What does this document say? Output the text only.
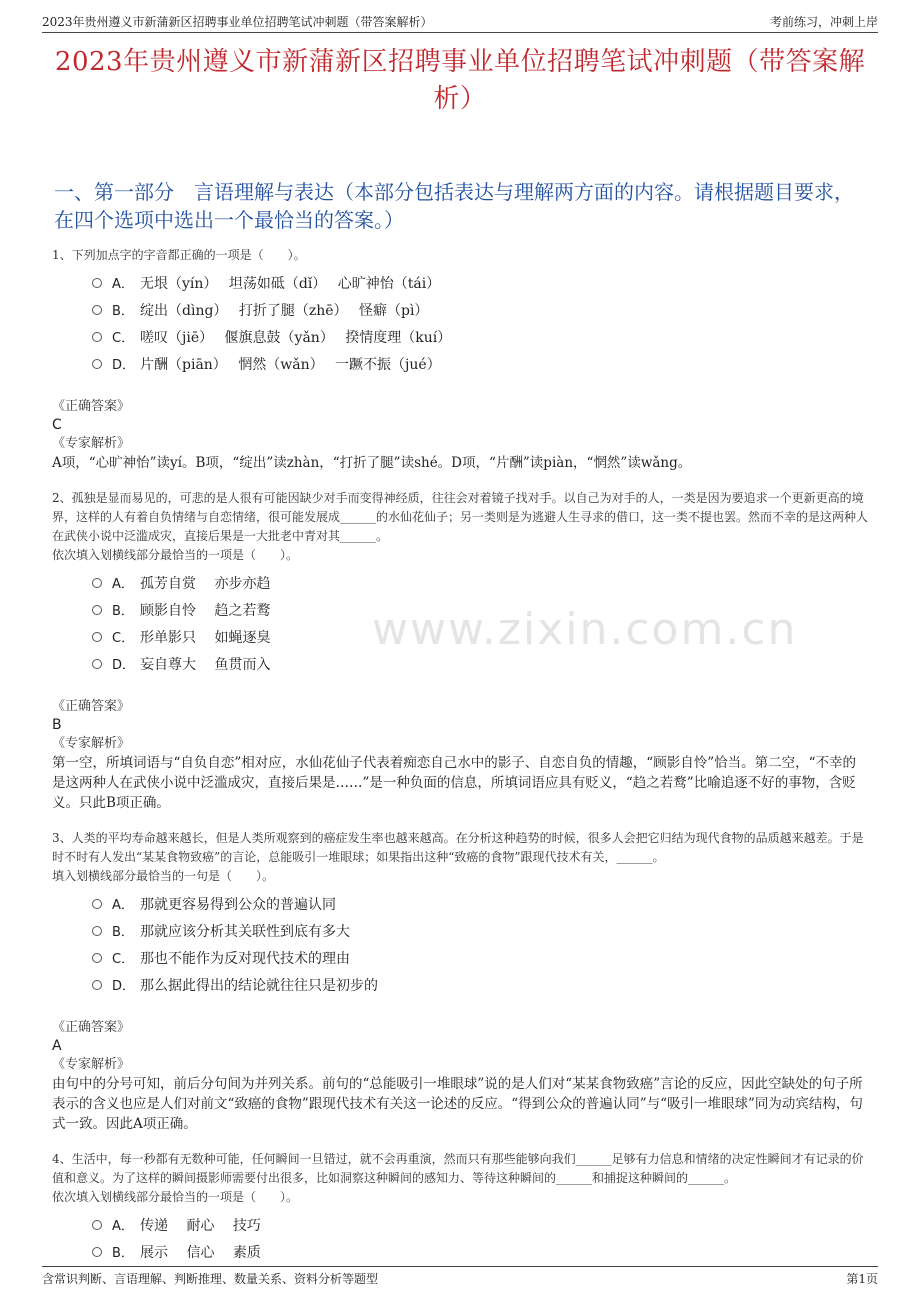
2023年贵州遵义市新蒲新区招聘事业单位招聘笔试冲刺题（带答案解析）	考前练习，冲刺上岸
2023年贵州遵义市新蒲新区招聘事业单位招聘笔试冲刺题（带答案解析）
一、第一部分　言语理解与表达（本部分包括表达与理解两方面的内容。请根据题目要求，在四个选项中选出一个最恰当的答案。）
www.zixin.com.cn
1、下列加点字的字音都正确的一项是（　　）。
A． 无垠（yín）　 坦荡如砥（dǐ）　 心旷神怡（tái）
B． 绽出（dìng）　 打折了腿（zhē）　 怪癖（pì）
C． 嗟叹（jiē）　 偃旗息鼓（yǎn）　 揆情度理（kuí）
D． 片酬（piān）　 惘然（wǎn）　 一蹶不振（jué）
《正确答案》
C
《专家解析》
A项，“心旷神怡”读yí。B项，“绽出”读zhàn，“打折了腿”读shé。D项，“片酬”读piàn，“惘然”读wǎng。
2、孤独是显而易见的，可悲的是人很有可能因缺少对手而变得神经质，往往会对着镜子找对手。以自己为对手的人，一类是因为要追求一个更新更高的境界，这样的人有着自负情绪与自恋情绪，很可能发展成______的水仙花仙子；另一类则是为逃避人生寻求的借口，这一类不提也罢。然而不幸的是这两种人在武侠小说中泛滥成灾，直接后果是一大批老中青对其______。
依次填入划横线部分最恰当的一项是（　　）。
A． 孤芳自赏　 亦步亦趋
B． 顾影自怜　 趋之若鹜
C． 形单影只　 如蝇逐臭
D． 妄自尊大　 鱼贯而入
《正确答案》
B
《专家解析》
第一空，所填词语与“自负自恋”相对应，水仙花仙子代表着痴恋自己水中的影子、自恋自负的情趣，“顾影自怜”恰当。第二空，“不幸的是这两种人在武侠小说中泛滥成灾，直接后果是……”是一种负面的信息，所填词语应具有贬义，“趋之若鹜”比喻追逐不好的事物，含贬义。只此B项正确。
3、人类的平均寿命越来越长，但是人类所观察到的癌症发生率也越来越高。在分析这种趋势的时候，很多人会把它归结为现代食物的品质越来越差。于是时不时有人发出“某某食物致癌”的言论，总能吸引一堆眼球；如果指出这种“致癌的食物”跟现代技术有关，______。
填入划横线部分最恰当的一句是（　　）。
A． 那就更容易得到公众的普遍认同
B． 那就应该分析其关联性到底有多大
C． 那也不能作为反对现代技术的理由
D． 那么据此得出的结论就往往只是初步的
《正确答案》
A
《专家解析》
由句中的分号可知，前后分句间为并列关系。前句的“总能吸引一堆眼球”说的是人们对“某某食物致癌”言论的反应，因此空缺处的句子所表示的含义也应是人们对前文“致癌的食物”跟现代技术有关这一论述的反应。“得到公众的普遍认同”与“吸引一堆眼球”同为动宾结构，句式一致。因此A项正确。
4、生活中，每一秒都有无数种可能，任何瞬间一旦错过，就不会再重演，然而只有那些能够向我们______足够有力信息和情绪的决定性瞬间才有记录的价值和意义。为了这样的瞬间摄影师需要付出很多，比如洞察这种瞬间的感知力、等待这种瞬间的______和捕捉这种瞬间的______。
依次填入划横线部分最恰当的一项是（　　）。
A． 传递　 耐心　 技巧
B． 展示　 信心　 素质
含常识判断、言语理解、判断推理、数量关系、资料分析等题型	第1页
